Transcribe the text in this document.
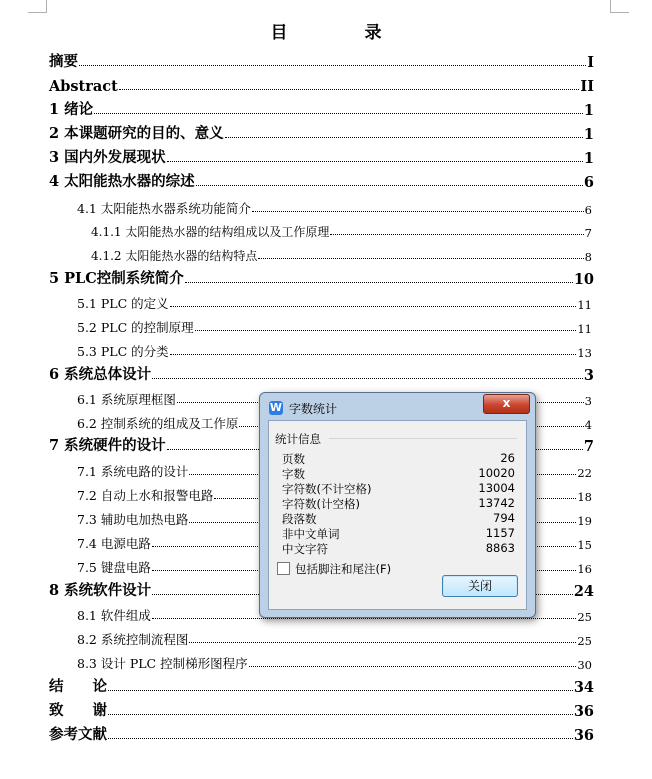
目　录
摘要	I
Abstract	II
1 绪论	1
2 本课题研究的目的、意义	1
3 国内外发展现状	1
4 太阳能热水器的综述	6
4.1 太阳能热水器系统功能简介	6
4.1.1 太阳能热水器的结构组成以及工作原理	7
4.1.2 太阳能热水器的结构特点	8
5 PLC控制系统简介	10
5.1 PLC 的定义	11
5.2 PLC 的控制原理	11
5.3 PLC 的分类	13
6 系统总体设计	3
6.1 系统原理框图	3
6.2 控制系统的组成及工作原	4
7 系统硬件的设计	7
7.1 系统电路的设计	22
7.2 自动上水和报警电路	18
7.3 辅助电加热电路	19
7.4 电源电路	15
7.5 键盘电路	16
8 系统软件设计	24
8.1 软件组成	25
8.2 系统控制流程图	25
8.3 设计 PLC 控制梯形图程序	30
结　　论	34
致　　谢	36
参考文献	36
W 字数统计	x
统计信息
页数	26
字数	10020
字符数(不计空格)	13004
字符数(计空格)	13742
段落数	794
非中文单词	1157
中文字符	8863
包括脚注和尾注(F)
关闭
